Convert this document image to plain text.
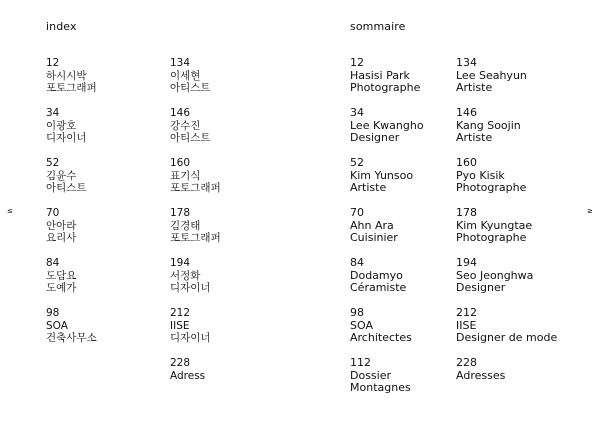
index
≤
12
하시시박
포토그래퍼
34
이광호
디자이너
52
김윤수
아티스트
70
안아라
요리사
84
도담요
도예가
98
SOA
건축사무소
134
이세현
아티스트
146
강수진
아티스트
160
표기식
포토그래퍼
178
김경태
포토그래퍼
194
서정화
디자이너
212
IISE
디자이너
228
Adress
sommaire
≥
12
Hasisi Park
Photographe
34
Lee Kwangho
Designer
52
Kim Yunsoo
Artiste
70
Ahn Ara
Cuisinier
84
Dodamyo
Céramiste
98
SOA
Architectes
112
Dossier
Montagnes
134
Lee Seahyun
Artiste
146
Kang Soojin
Artiste
160
Pyo Kisik
Photographe
178
Kim Kyungtae
Photographe
194
Seo Jeonghwa
Designer
212
IISE
Designer de mode
228
Adresses
